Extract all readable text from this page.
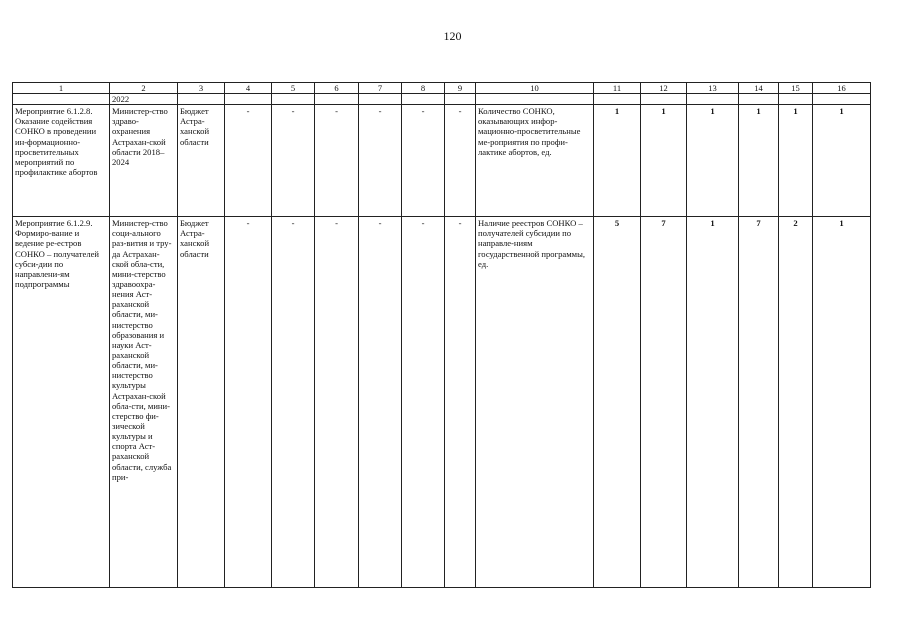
120
1	2	3	4	5	6	7	8	9	10	11	12	13	14	15	16
	2022														
Мероприятие 6.1.2.8. Оказание содействия СОНКО в проведении ин-формационно-просветительных мероприятий по профилактике абортов	Министер-ство здраво-охранения Астрахан-ской области 2018–2024	Бюджет Астра-ханской области	-	-	-	-	-	-	Количество СОНКО, оказывающих инфор-мационно-просветительные ме-роприятия по профи-лактике абортов, ед.	1	1	1	1	1	1
Мероприятие 6.1.2.9. Формиро-вание и ведение ре-естров СОНКО – получателей субси-дии по направлени-ям подпрограммы	Министер-ство соци-ального раз-вития и тру-да Астрахан-ской обла-сти, мини-стерство здравоохра-нения Аст-раханской области, ми-нистерство образования и науки Аст-раханской области, ми-нистерство культуры Астрахан-ской обла-сти, мини-стерство фи-зической культуры и спорта Аст-раханской области, служба при-	Бюджет Астра-ханской области	-	-	-	-	-	-	Наличие реестров СОНКО – получателей субсидии по направле-ниям государственной программы, ед.	5	7	1	7	2	1
